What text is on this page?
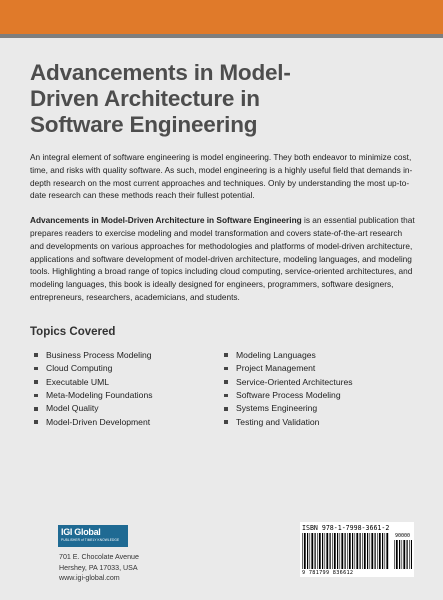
Advancements in Model-Driven Architecture in Software Engineering

An integral element of software engineering is model engineering. They both endeavor to minimize cost, time, and risks with quality software. As such, model engineering is a highly useful field that demands in-depth research on the most current approaches and techniques. Only by understanding the most up-to-date research can these methods reach their fullest potential.

Advancements in Model-Driven Architecture in Software Engineering is an essential publication that prepares readers to exercise modeling and model transformation and covers state-of-the-art research and developments on various approaches for methodologies and platforms of model-driven architecture, applications and software development of model-driven architecture, modeling languages, and modeling tools. Highlighting a broad range of topics including cloud computing, service-oriented architectures, and modeling languages, this book is ideally designed for engineers, programmers, software designers, entrepreneurs, researchers, academicians, and students.

Topics Covered
Business Process Modeling
Cloud Computing
Executable UML
Meta-Modeling Foundations
Model Quality
Model-Driven Development
Modeling Languages
Project Management
Service-Oriented Architectures
Software Process Modeling
Systems Engineering
Testing and Validation
IGI Global
PUBLISHER of TIMELY KNOWLEDGE
701 E. Chocolate Avenue
Hershey, PA 17033, USA
www.igi-global.com
ISBN 978-1-7998-3661-2
90000
9 781799 836612
